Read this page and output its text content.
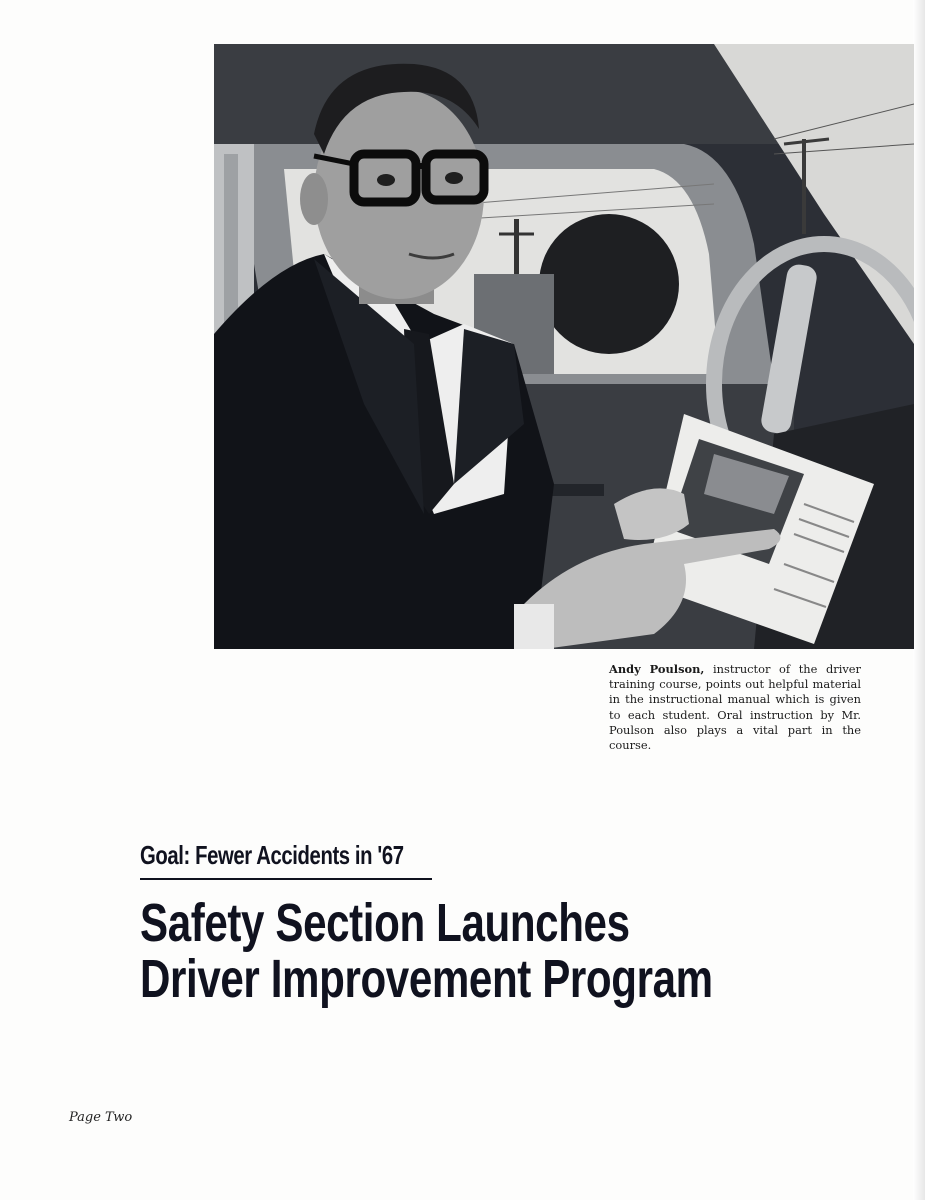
Andy Poulson, instructor of the driver training course, points out helpful material in the instructional manual which is given to each student. Oral instruction by Mr. Poulson also plays a vital part in the course.
Goal: Fewer Accidents in '67
Safety Section Launches
Driver Improvement Program
Page Two
